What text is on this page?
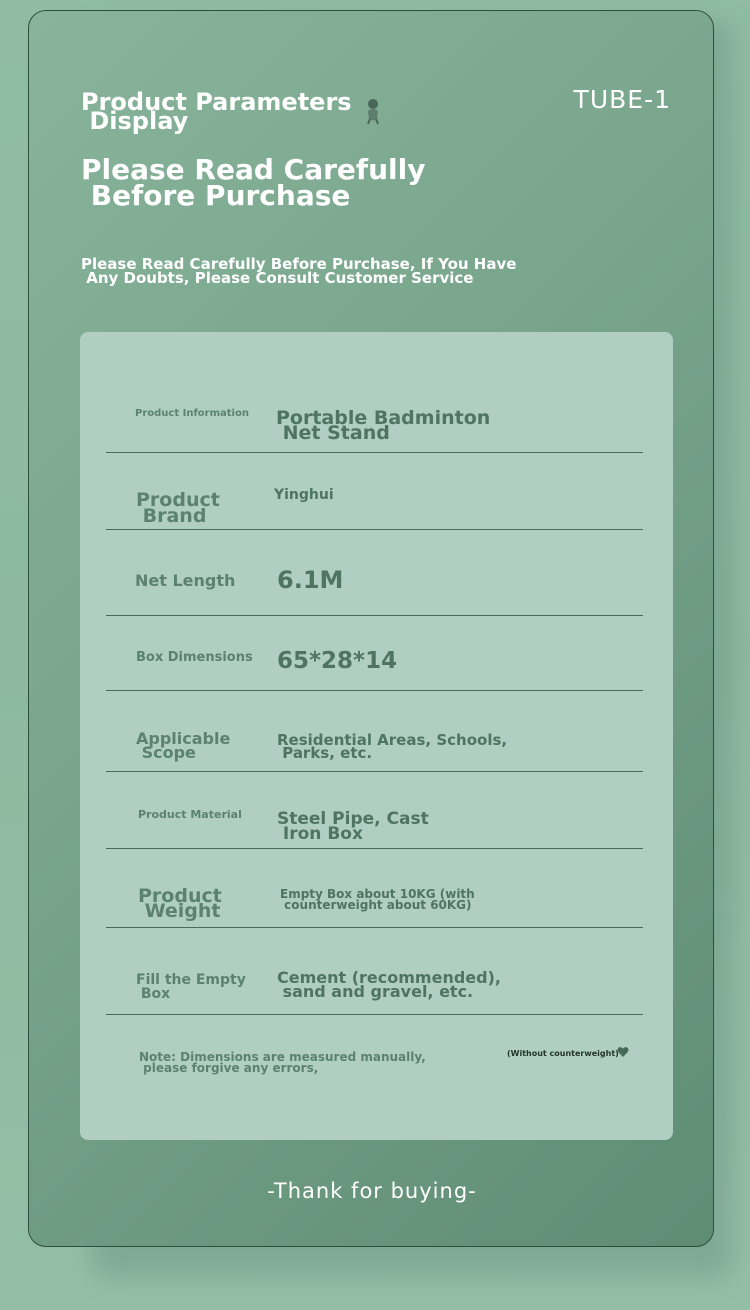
TUBE-1
Product Parameters
Display
Please Read Carefully
Before Purchase
Please Read Carefully Before Purchase, If You Have
Any Doubts, Please Consult Customer Service
Product Information Portable Badminton
Net Stand
Product
Brand
Yinghui
Net Length 6.1M
Box Dimensions 65*28*14
Applicable
Scope
Residential Areas, Schools,
Parks, etc.
Product Material Steel Pipe, Cast
Iron Box
Product
Weight
Empty Box about 10KG (with
counterweight about 60KG)
Fill the Empty
Box
Cement (recommended),
sand and gravel, etc.
Note: Dimensions are measured manually,
please forgive any errors,
(Without counterweight)
-Thank for buying-
